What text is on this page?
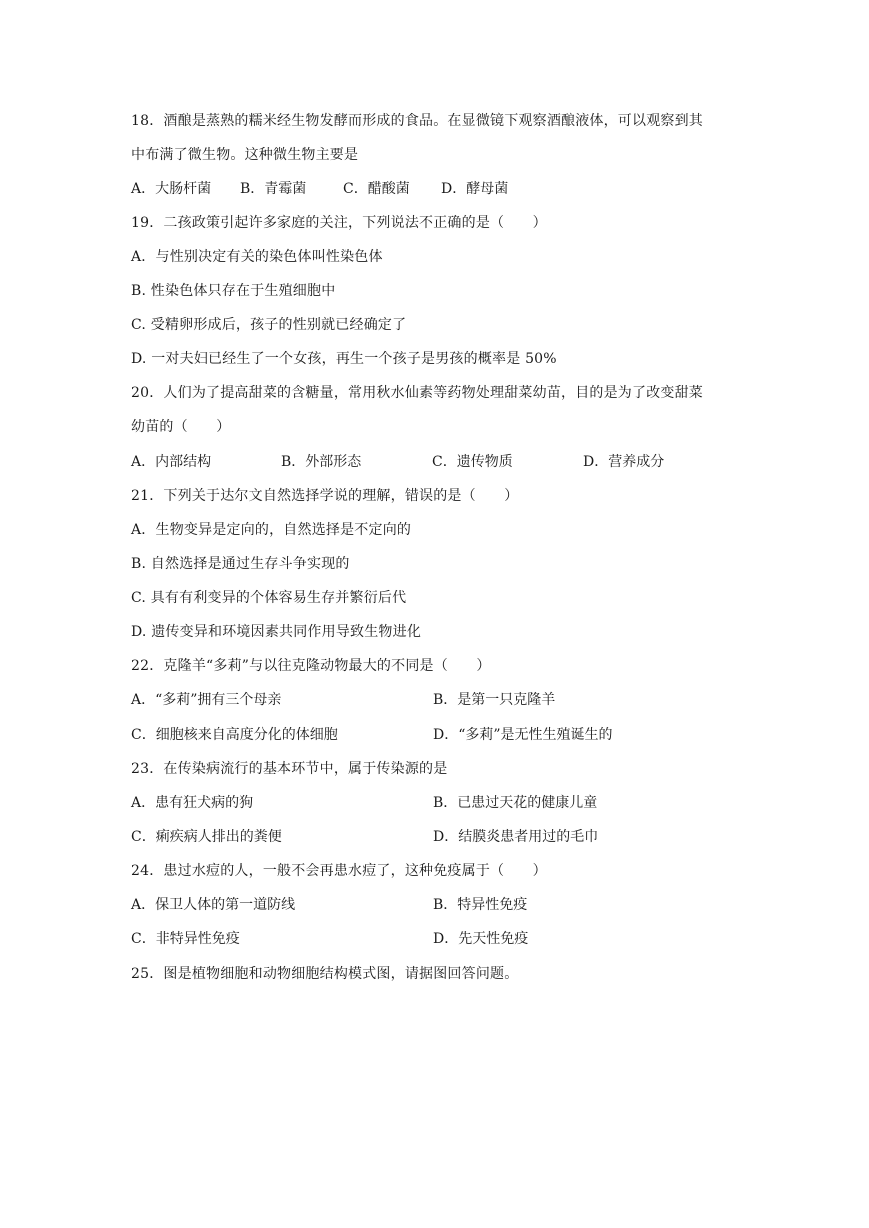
18．酒酿是蒸熟的糯米经生物发酵而形成的食品。在显微镜下观察酒酿液体，可以观察到其
中布满了微生物。这种微生物主要是
A．大肠杆菌 B．青霉菌	C．醋酸菌 D．酵母菌
19．二孩政策引起许多家庭的关注，下列说法不正确的是（　　）
A．与性别决定有关的染色体叫性染色体
B. 性染色体只存在于生殖细胞中
C. 受精卵形成后，孩子的性别就已经确定了
D. 一对夫妇已经生了一个女孩，再生一个孩子是男孩的概率是 50%
20．人们为了提高甜菜的含糖量，常用秋水仙素等药物处理甜菜幼苗，目的是为了改变甜菜
幼苗的（　　）
A．内部结构	B．外部形态	C．遗传物质	D．营养成分
21．下列关于达尔文自然选择学说的理解，错误的是（　　）
A．生物变异是定向的，自然选择是不定向的
B. 自然选择是通过生存斗争实现的
C. 具有有利变异的个体容易生存并繁衍后代
D. 遗传变异和环境因素共同作用导致生物进化
22．克隆羊“多莉”与以往克隆动物最大的不同是（　　）
A．“多莉”拥有三个母亲	B．是第一只克隆羊
C．细胞核来自高度分化的体细胞	D．“多莉”是无性生殖诞生的
23．在传染病流行的基本环节中，属于传染源的是
A．患有狂犬病的狗	B．已患过天花的健康儿童
C．痢疾病人排出的粪便	D．结膜炎患者用过的毛巾
24．患过水痘的人，一般不会再患水痘了，这种免疫属于（　　）
A．保卫人体的第一道防线	B．特异性免疫
C．非特异性免疫	D．先天性免疫
25．图是植物细胞和动物细胞结构模式图，请据图回答问题。
